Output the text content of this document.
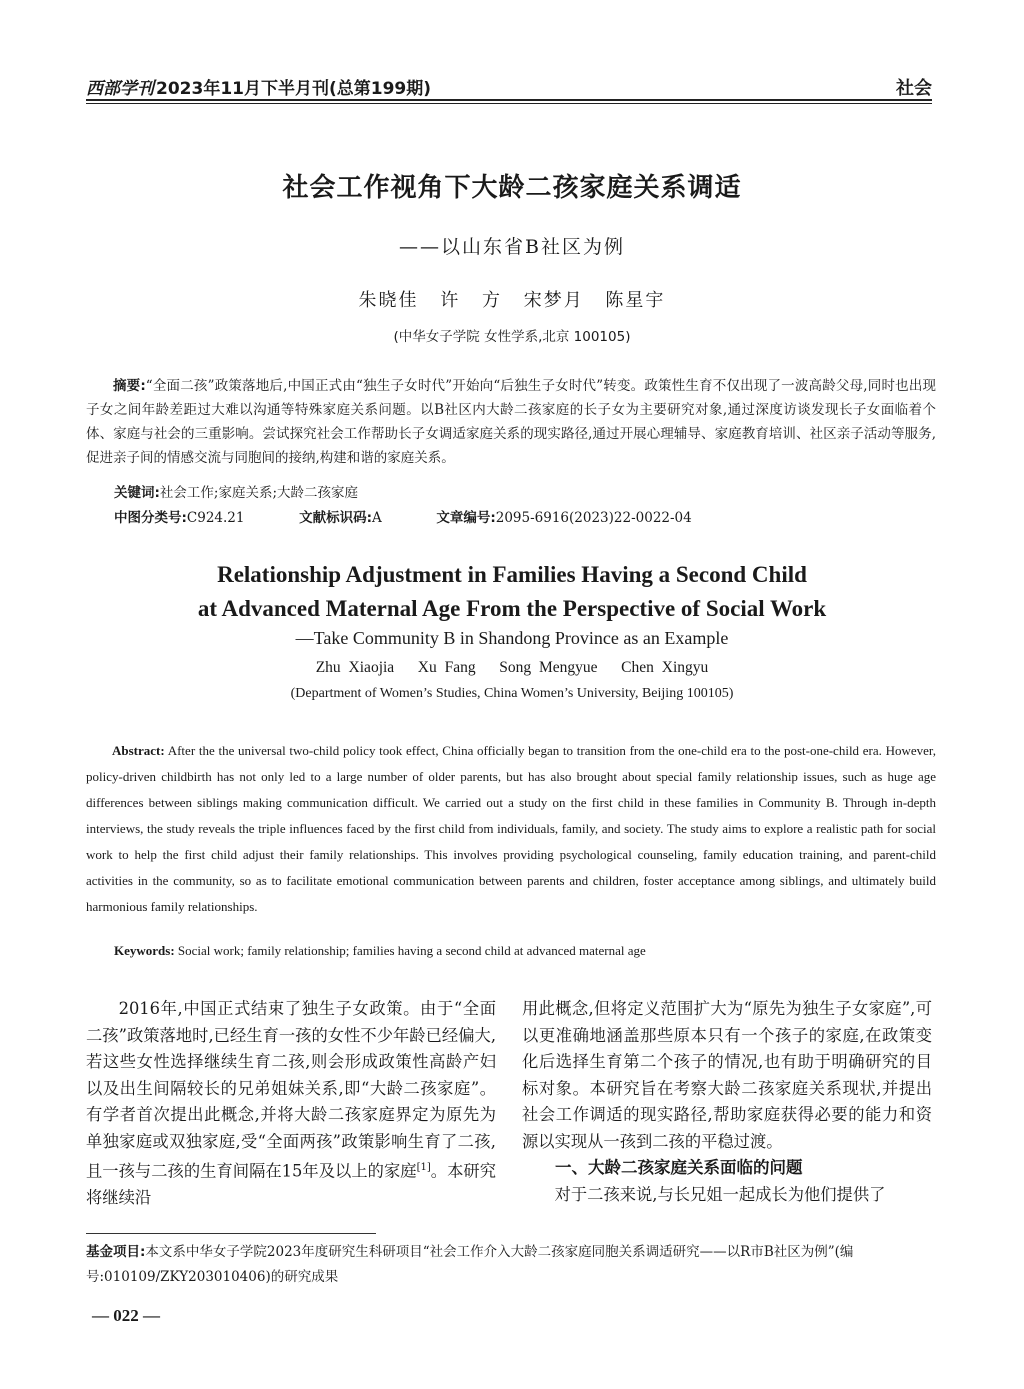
西部学刊 2023年11月下半月刊(总第199期)	社会
社会工作视角下大龄二孩家庭关系调适
——以山东省B社区为例
朱晓佳 许 方 宋梦月 陈星宇
(中华女子学院 女性学系,北京 100105)
摘要:“全面二孩”政策落地后,中国正式由“独生子女时代”开始向“后独生子女时代”转变。政策性生育不仅出现了一波高龄父母,同时也出现子女之间年龄差距过大难以沟通等特殊家庭关系问题。以B社区内大龄二孩家庭的长子女为主要研究对象,通过深度访谈发现长子女面临着个体、家庭与社会的三重影响。尝试探究社会工作帮助长子女调适家庭关系的现实路径,通过开展心理辅导、家庭教育培训、社区亲子活动等服务,促进亲子间的情感交流与同胞间的接纳,构建和谐的家庭关系。
关键词:社会工作;家庭关系;大龄二孩家庭
中图分类号:C924.21	文献标识码:A	文章编号:2095-6916(2023)22-0022-04
Relationship Adjustment in Families Having a Second Child
at Advanced Maternal Age From the Perspective of Social Work
—Take Community B in Shandong Province as an Example
Zhu Xiaojia   Xu Fang   Song Mengyue   Chen Xingyu
(Department of Women’s Studies, China Women’s University, Beijing 100105)
Abstract: After the the universal two-child policy took effect, China officially began to transition from the one-child era to the post-one-child era. However, policy-driven childbirth has not only led to a large number of older parents, but has also brought about special family relationship issues, such as huge age differences between siblings making communication difficult. We carried out a study on the first child in these families in Community B. Through in-depth interviews, the study reveals the triple influences faced by the first child from individuals, family, and society. The study aims to explore a realistic path for social work to help the first child adjust their family relationships. This involves providing psychological counseling, family education training, and parent-child activities in the community, so as to facilitate emotional communication between parents and children, foster acceptance among siblings, and ultimately build harmonious family relationships.
Keywords: Social work; family relationship; families having a second child at advanced maternal age
2016年,中国正式结束了独生子女政策。由于“全面二孩”政策落地时,已经生育一孩的女性不少年龄已经偏大,若这些女性选择继续生育二孩,则会形成政策性高龄产妇以及出生间隔较长的兄弟姐妹关系,即“大龄二孩家庭”。有学者首次提出此概念,并将大龄二孩家庭界定为原先为单独家庭或双独家庭,受“全面两孩”政策影响生育了二孩,且一孩与二孩的生育间隔在15年及以上的家庭[1]。本研究将继续沿
用此概念,但将定义范围扩大为“原先为独生子女家庭”,可以更准确地涵盖那些原本只有一个孩子的家庭,在政策变化后选择生育第二个孩子的情况,也有助于明确研究的目标对象。本研究旨在考察大龄二孩家庭关系现状,并提出社会工作调适的现实路径,帮助家庭获得必要的能力和资源以实现从一孩到二孩的平稳过渡。
一、大龄二孩家庭关系面临的问题
对于二孩来说,与长兄姐一起成长为他们提供了
基金项目:本文系中华女子学院2023年度研究生科研项目“社会工作介入大龄二孩家庭同胞关系调适研究——以R市B社区为例”(编号:010109/ZKY203010406)的研究成果
— 022 —
